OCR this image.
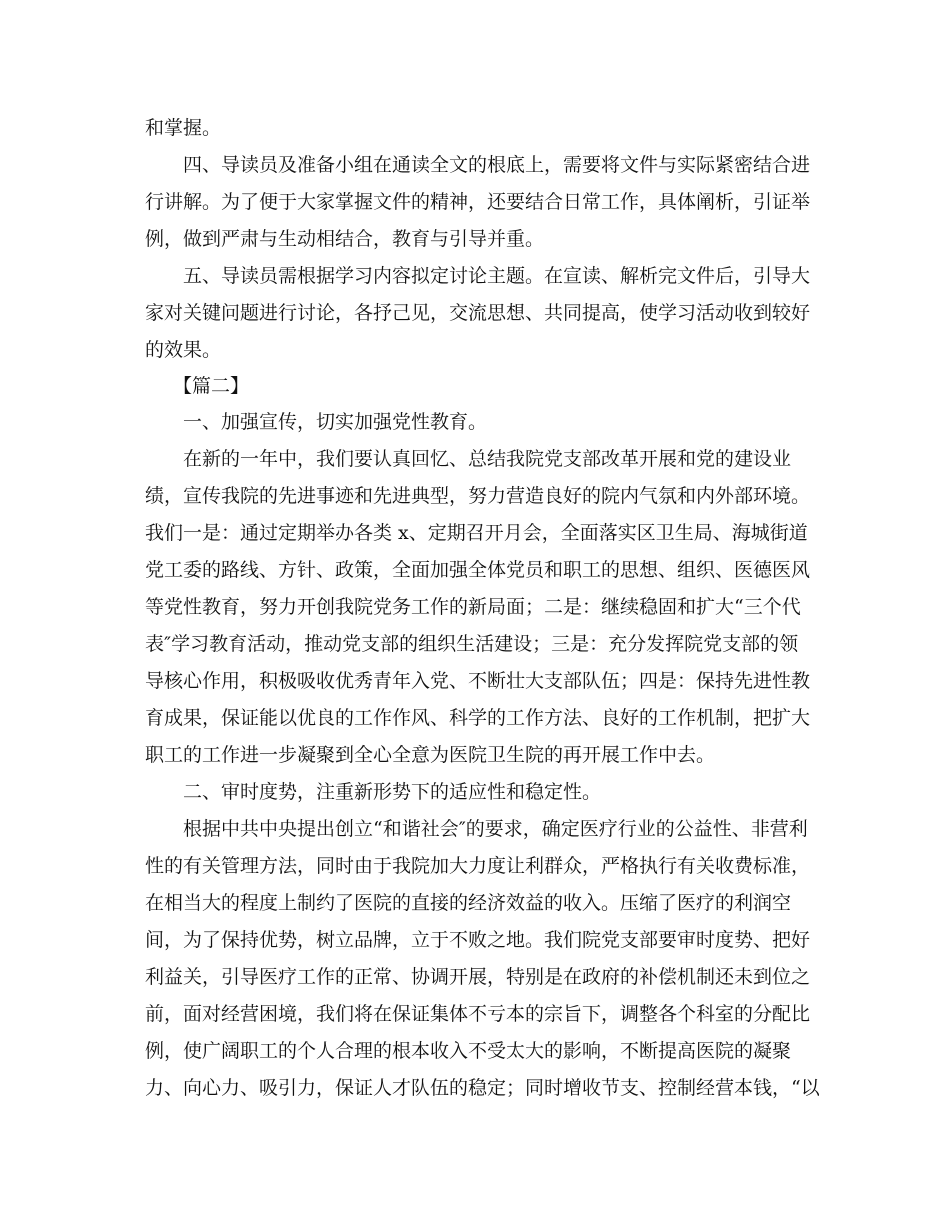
和掌握。
四、导读员及准备小组在通读全文的根底上，需要将文件与实际紧密结合进
行讲解。为了便于大家掌握文件的精神，还要结合日常工作，具体阐析，引证举
例，做到严肃与生动相结合，教育与引导并重。
五、导读员需根据学习内容拟定讨论主题。在宣读、解析完文件后，引导大
家对关键问题进行讨论，各抒己见，交流思想、共同提高，使学习活动收到较好
的效果。
【篇二】
一、加强宣传，切实加强党性教育。
在新的一年中，我们要认真回忆、总结我院党支部改革开展和党的建设业
绩，宣传我院的先进事迹和先进典型，努力营造良好的院内气氛和内外部环境。
我们一是：通过定期举办各类 x、定期召开月会，全面落实区卫生局、海城街道
党工委的路线、方针、政策，全面加强全体党员和职工的思想、组织、医德医风
等党性教育，努力开创我院党务工作的新局面；二是：继续稳固和扩大“三个代
表″学习教育活动，推动党支部的组织生活建设；三是：充分发挥院党支部的领
导核心作用，积极吸收优秀青年入党、不断壮大支部队伍；四是：保持先进性教
育成果，保证能以优良的工作作风、科学的工作方法、良好的工作机制，把扩大
职工的工作进一步凝聚到全心全意为医院卫生院的再开展工作中去。
二、审时度势，注重新形势下的适应性和稳定性。
根据中共中央提出创立“和谐社会″的要求，确定医疗行业的公益性、非营利
性的有关管理方法，同时由于我院加大力度让利群众，严格执行有关收费标准，
在相当大的程度上制约了医院的直接的经济效益的收入。压缩了医疗的利润空
间，为了保持优势，树立品牌，立于不败之地。我们院党支部要审时度势、把好
利益关，引导医疗工作的正常、协调开展，特别是在政府的补偿机制还未到位之
前，面对经营困境，我们将在保证集体不亏本的宗旨下，调整各个科室的分配比
例，使广阔职工的个人合理的根本收入不受太大的影响，不断提高医院的凝聚
力、向心力、吸引力，保证人才队伍的稳定；同时增收节支、控制经营本钱，“以
